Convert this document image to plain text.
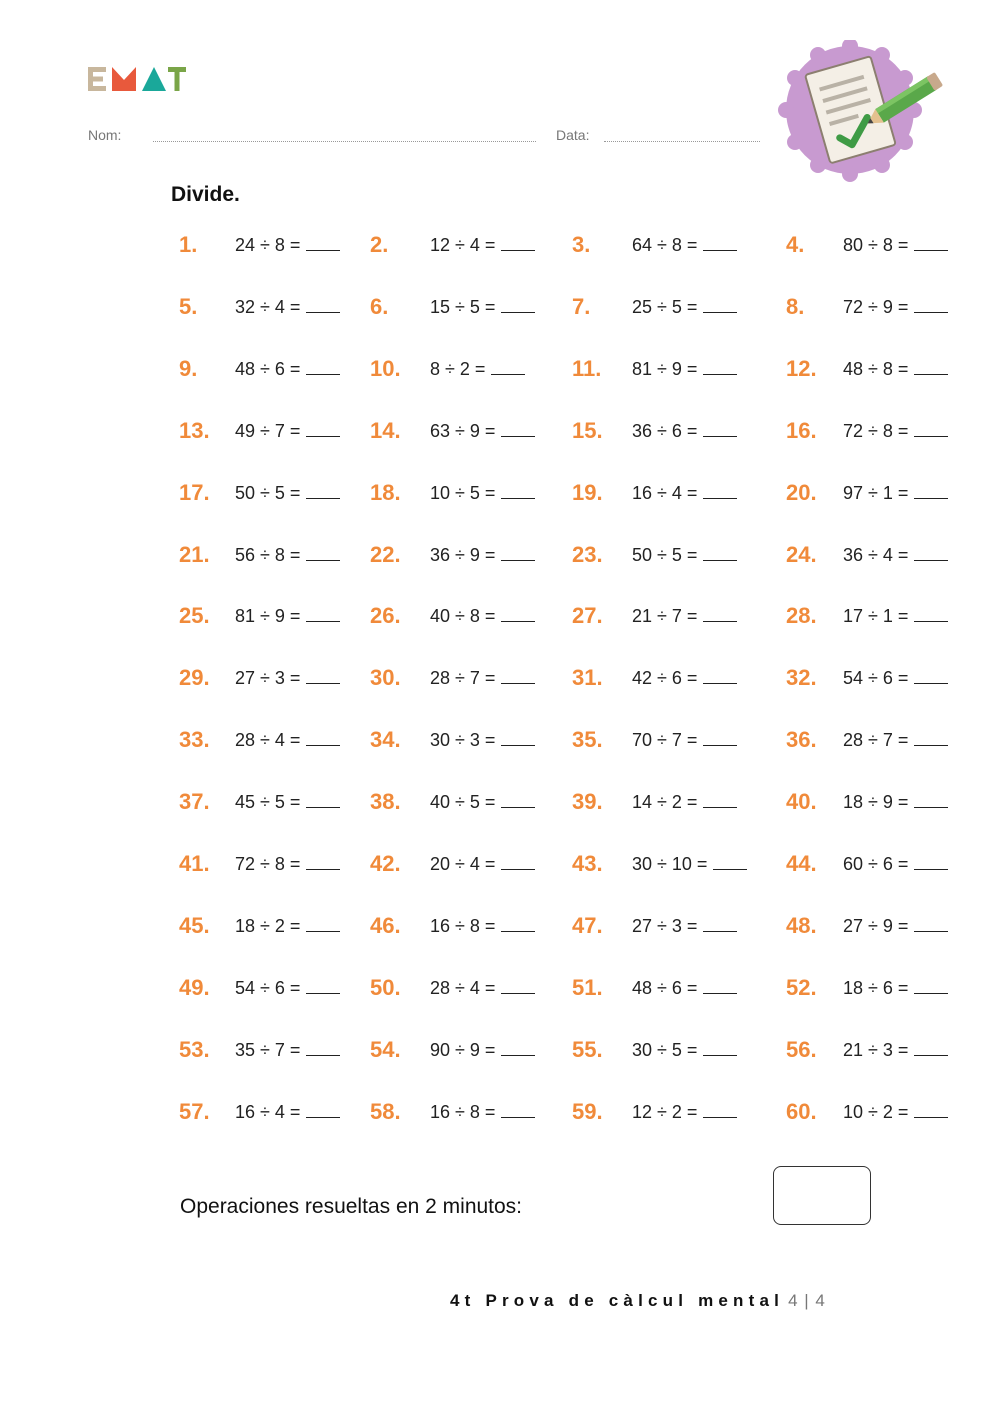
Nom:	Data:
Divide.
1. 24 ÷ 8 =	2. 12 ÷ 4 =	3. 64 ÷ 8 =	4. 80 ÷ 8 =
5. 32 ÷ 4 =	6. 15 ÷ 5 =	7. 25 ÷ 5 =	8. 72 ÷ 9 =
9. 48 ÷ 6 =	10. 8 ÷ 2 =	11. 81 ÷ 9 =	12. 48 ÷ 8 =
13. 49 ÷ 7 =	14. 63 ÷ 9 =	15. 36 ÷ 6 =	16. 72 ÷ 8 =
17. 50 ÷ 5 =	18. 10 ÷ 5 =	19. 16 ÷ 4 =	20. 97 ÷ 1 =
21. 56 ÷ 8 =	22. 36 ÷ 9 =	23. 50 ÷ 5 =	24. 36 ÷ 4 =
25. 81 ÷ 9 =	26. 40 ÷ 8 =	27. 21 ÷ 7 =	28. 17 ÷ 1 =
29. 27 ÷ 3 =	30. 28 ÷ 7 =	31. 42 ÷ 6 =	32. 54 ÷ 6 =
33. 28 ÷ 4 =	34. 30 ÷ 3 =	35. 70 ÷ 7 =	36. 28 ÷ 7 =
37. 45 ÷ 5 =	38. 40 ÷ 5 =	39. 14 ÷ 2 =	40. 18 ÷ 9 =
41. 72 ÷ 8 =	42. 20 ÷ 4 =	43. 30 ÷ 10 =	44. 60 ÷ 6 =
45. 18 ÷ 2 =	46. 16 ÷ 8 =	47. 27 ÷ 3 =	48. 27 ÷ 9 =
49. 54 ÷ 6 =	50. 28 ÷ 4 =	51. 48 ÷ 6 =	52. 18 ÷ 6 =
53. 35 ÷ 7 =	54. 90 ÷ 9 =	55. 30 ÷ 5 =	56. 21 ÷ 3 =
57. 16 ÷ 4 =	58. 16 ÷ 8 =	59. 12 ÷ 2 =	60. 10 ÷ 2 =
Operaciones resueltas en 2 minutos:
4t Prova de càlcul mental 4 | 4
